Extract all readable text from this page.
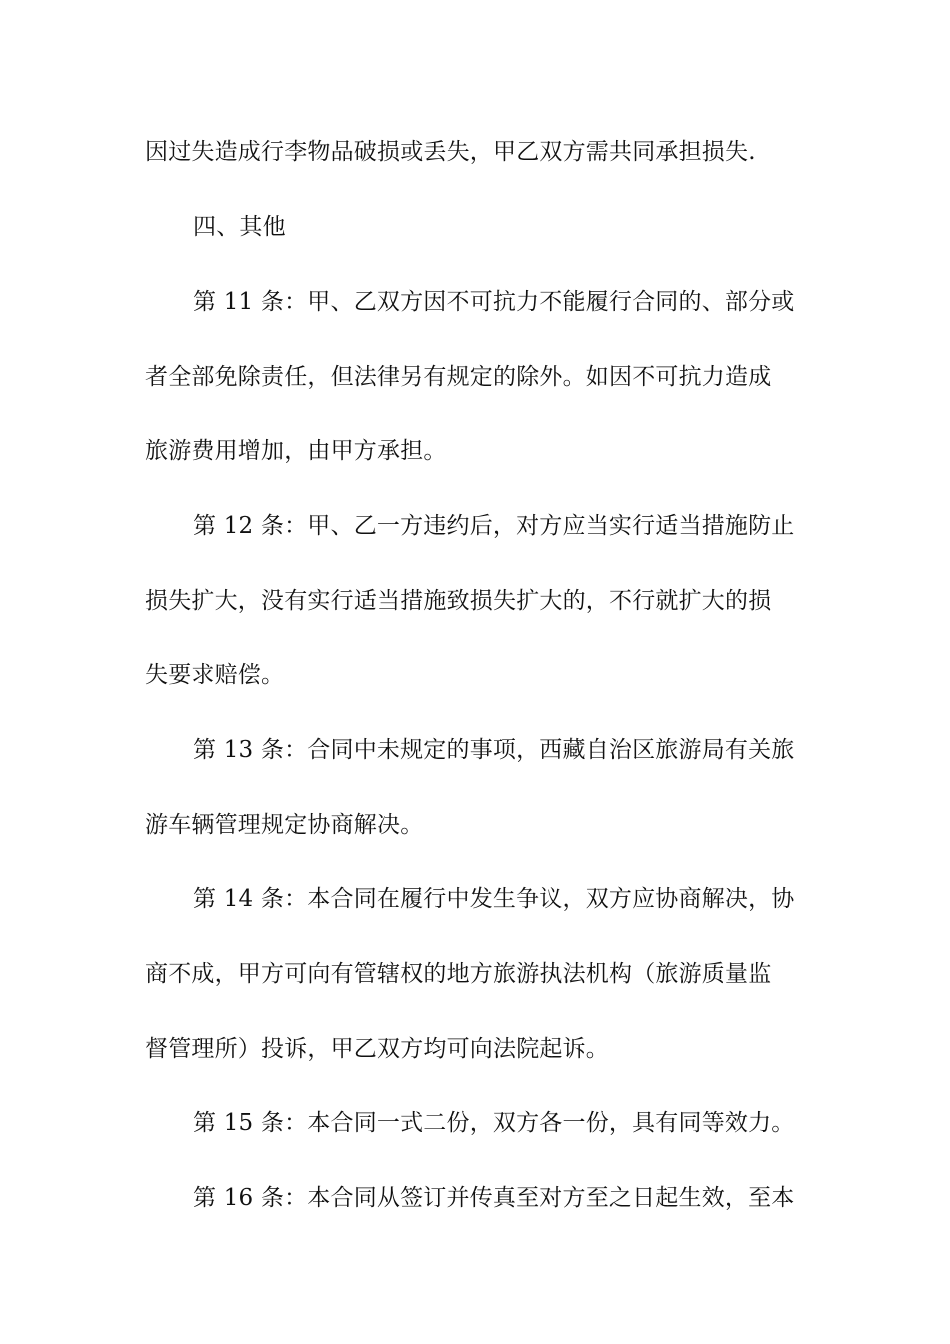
因过失造成行李物品破损或丢失，甲乙双方需共同承担损失.
四、其他
第 11 条：甲、乙双方因不可抗力不能履行合同的、部分或
者全部免除责任，但法律另有规定的除外。如因不可抗力造成
旅游费用增加，由甲方承担。
第 12 条：甲、乙一方违约后，对方应当实行适当措施防止
损失扩大，没有实行适当措施致损失扩大的，不行就扩大的损
失要求赔偿。
第 13 条：合同中未规定的事项，西藏自治区旅游局有关旅
游车辆管理规定协商解决。
第 14 条：本合同在履行中发生争议，双方应协商解决，协
商不成，甲方可向有管辖权的地方旅游执法机构（旅游质量监
督管理所）投诉，甲乙双方均可向法院起诉。
第 15 条：本合同一式二份，双方各一份，具有同等效力。
第 16 条：本合同从签订并传真至对方至之日起生效，至本
